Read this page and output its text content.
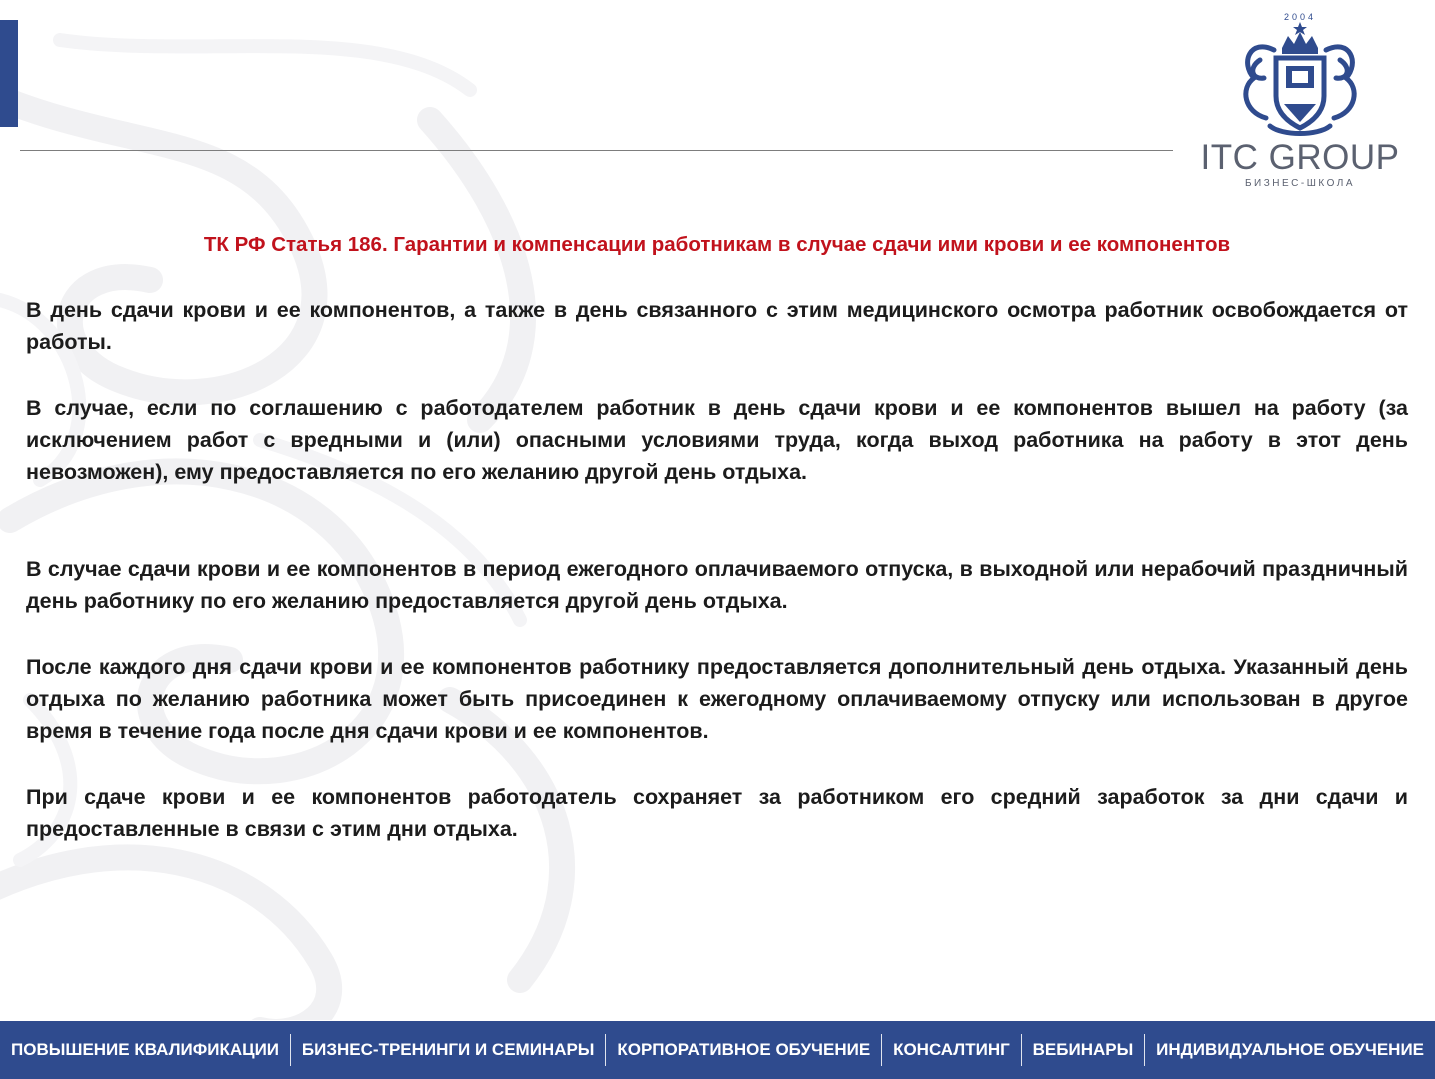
2004
ITC GROUP
БИЗНЕС-ШКОЛА
ТК РФ Статья 186. Гарантии и компенсации работникам в случае сдачи ими крови и ее компонентов

В день сдачи крови и ее компонентов, а также в день связанного с этим медицинского осмотра работник освобождается от работы.

В случае, если по соглашению с работодателем работник в день сдачи крови и ее компонентов вышел на работу (за исключением работ с вредными и (или) опасными условиями труда, когда выход работника на работу в этот день невозможен), ему предоставляется по его желанию другой день отдыха.

В случае сдачи крови и ее компонентов в период ежегодного оплачиваемого отпуска, в выходной или нерабочий праздничный день работнику по его желанию предоставляется другой день отдыха.

После каждого дня сдачи крови и ее компонентов работнику предоставляется дополнительный день отдыха. Указанный день отдыха по желанию работника может быть присоединен к ежегодному оплачиваемому отпуску или использован в другое время в течение года после дня сдачи крови и ее компонентов.

При сдаче крови и ее компонентов работодатель сохраняет за работником его средний заработок за дни сдачи и предоставленные в связи с этим дни отдыха.

ПОВЫШЕНИЕ КВАЛИФИКАЦИИ	БИЗНЕС-ТРЕНИНГИ И СЕМИНАРЫ	КОРПОРАТИВНОЕ ОБУЧЕНИЕ	КОНСАЛТИНГ	ВЕБИНАРЫ	ИНДИВИДУАЛЬНОЕ ОБУЧЕНИЕ
